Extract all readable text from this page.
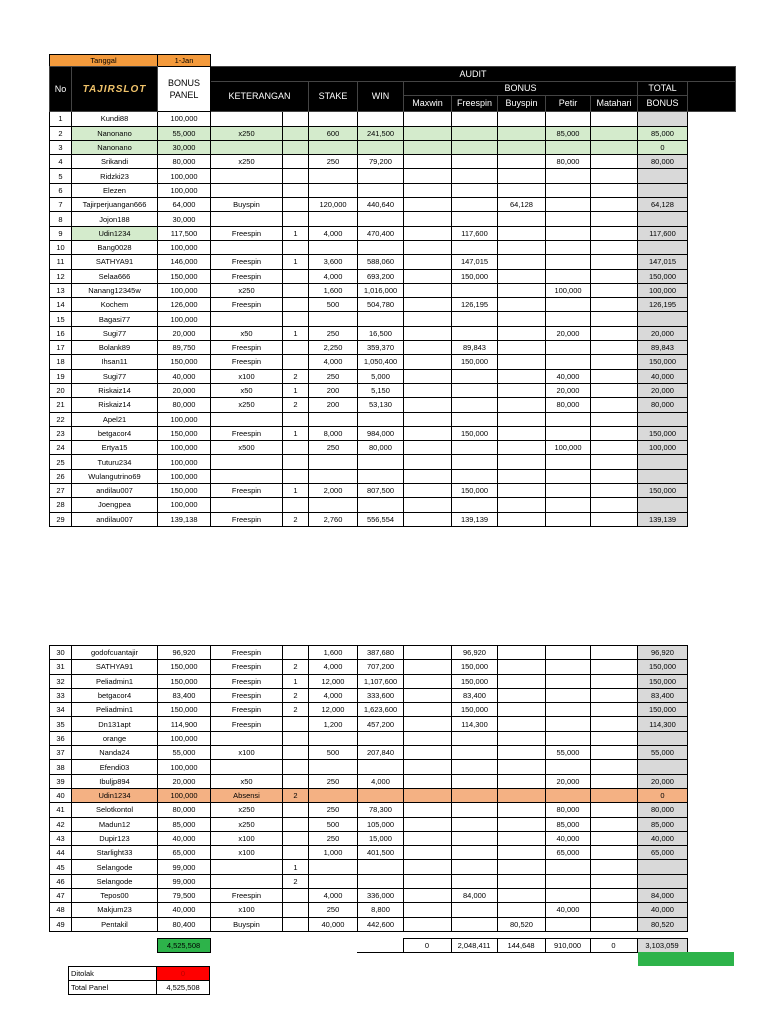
Tanggal	1-Jan
No	TAJIRSLOT	BONUS
PANEL	AUDIT										
			KETERANGAN		STAKE	WIN	BONUS					TOTAL	
							Maxwin	Freespin	Buyspin	Petir	Matahari	BONUS	
1	Kundi88	100,000											
2	Nanonano	55,000	x250		600	241,500				85,000		85,000	
3	Nanonano	30,000										0	
4	Srikandi	80,000	x250		250	79,200				80,000		80,000	
5	Ridzki23	100,000											
6	Elezen	100,000											
7	Tajirperjuangan666	64,000	Buyspin		120,000	440,640			64,128			64,128	
8	Jojon188	30,000											
9	Udin1234	117,500	Freespin	1	4,000	470,400		117,600				117,600	
10	Bang0028	100,000											
11	SATHYA91	146,000	Freespin	1	3,600	588,060		147,015				147,015	
12	Selaa666	150,000	Freespin		4,000	693,200		150,000				150,000	
13	Nanang12345w	100,000	x250		1,600	1,016,000				100,000		100,000	
14	Kochem	126,000	Freespin		500	504,780		126,195				126,195	
15	Bagasi77	100,000											
16	Sugi77	20,000	x50	1	250	16,500				20,000		20,000	
17	Bolank89	89,750	Freespin		2,250	359,370		89,843				89,843	
18	Ihsan11	150,000	Freespin		4,000	1,050,400		150,000				150,000	
19	Sugi77	40,000	x100	2	250	5,000				40,000		40,000	
20	Riskaiz14	20,000	x50	1	200	5,150				20,000		20,000	
21	Riskaiz14	80,000	x250	2	200	53,130				80,000		80,000	
22	Apel21	100,000											
23	betgacor4	150,000	Freespin	1	8,000	984,000		150,000				150,000	
24	Ertya15	100,000	x500		250	80,000				100,000		100,000	
25	Tuturu234	100,000											
26	Wulangutrino69	100,000											
27	andilau007	150,000	Freespin	1	2,000	807,500		150,000				150,000	
28	Joengpea	100,000											
29	andilau007	139,138	Freespin	2	2,760	556,554		139,139				139,139	
30	godofcuantajir	96,920	Freespin		1,600	387,680		96,920				96,920
31	SATHYA91	150,000	Freespin	2	4,000	707,200		150,000				150,000
32	Peliadmin1	150,000	Freespin	1	12,000	1,107,600		150,000				150,000
33	betgacor4	83,400	Freespin	2	4,000	333,600		83,400				83,400
34	Peliadmin1	150,000	Freespin	2	12,000	1,623,600		150,000				150,000
35	Dn131apt	114,900	Freespin		1,200	457,200		114,300				114,300
36	orange	100,000										
37	Nanda24	55,000	x100		500	207,840				55,000		55,000
38	Efendi03	100,000										
39	Ibuljp894	20,000	x50		250	4,000				20,000		20,000
40	Udin1234	100,000	Absensi	2								0
41	Selotkontol	80,000	x250		250	78,300				80,000		80,000
42	Madun12	85,000	x250		500	105,000				85,000		85,000
43	Dupir123	40,000	x100		250	15,000				40,000		40,000
44	Starlight33	65,000	x100		1,000	401,500				65,000		65,000
45	Selangode	99,000		1								
46	Selangode	99,000		2								
47	Tepos00	79,500	Freespin		4,000	336,000		84,000				84,000
48	Makjum23	40,000	x100		250	8,800				40,000		40,000
49	Pentakil	80,400	Buyspin		40,000	442,600			80,520			80,520
		4,525,508					0	2,048,411	144,648	910,000	0	3,103,059
Ditolak	0
Total Panel	4,525,508
